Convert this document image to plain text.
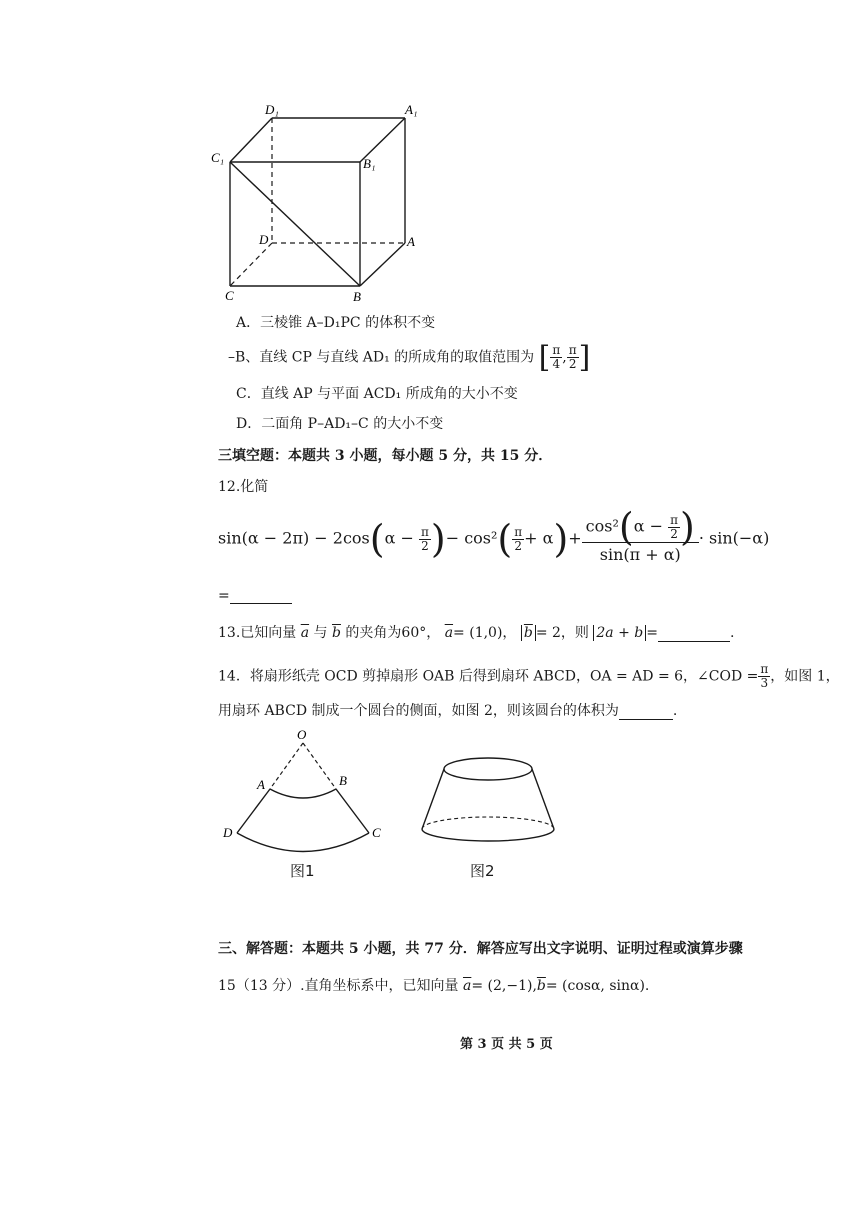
D₁	A₁
C₁	B₁
D	A
C	B
A．三棱锥 A–D₁PC 的体积不变
–B、直线 CP 与直线 AD₁ 的所成角的取值范围为 [ $\frac{\pi}{4}$ , $\frac{\pi}{2}$ ]
C．直线 AP 与平面 ACD₁ 所成角的大小不变
D．二面角 P–AD₁–C 的大小不变
三填空题：本题共 3 小题，每小题 5 分，共 15 分．
12.化简
$\sin(\alpha - 2\pi) - 2\cos(\alpha - \frac{\pi}{2}$ )− $\cos^2( \frac{\pi}{2} + \alpha)+ \frac{\cos^2(\alpha - \frac{\pi}{2} )}{\sin(\pi + \alpha)} \cdot \sin(-\alpha)$
=
13.已知向量 $\overline{a}$ 与 $\overline{b}$ 的夹角为60°， $\overline{a}= (1,0)$， $\overline{b} = 2$，则 2a + b =	.
14．将扇形纸壳 OCD 剪掉扇形 OAB 后得到扇环 ABCD，OA = AD = 6，∠COD = $\frac{\pi}{3}$ ，如图 1，
用扇环 ABCD 制成一个圆台的侧面，如图 2，则该圆台的体积为	.
O
A	B
D	C
图1	图2
三、解答题：本题共 5 小题，共 77 分．解答应写出文字说明、证明过程或演算步骤
15（13 分）.直角坐标系中，已知向量 $\overline{a}= (2,-1),\overline{b}= (\cos\alpha$, sinα).
第 3 页 共 5 页
